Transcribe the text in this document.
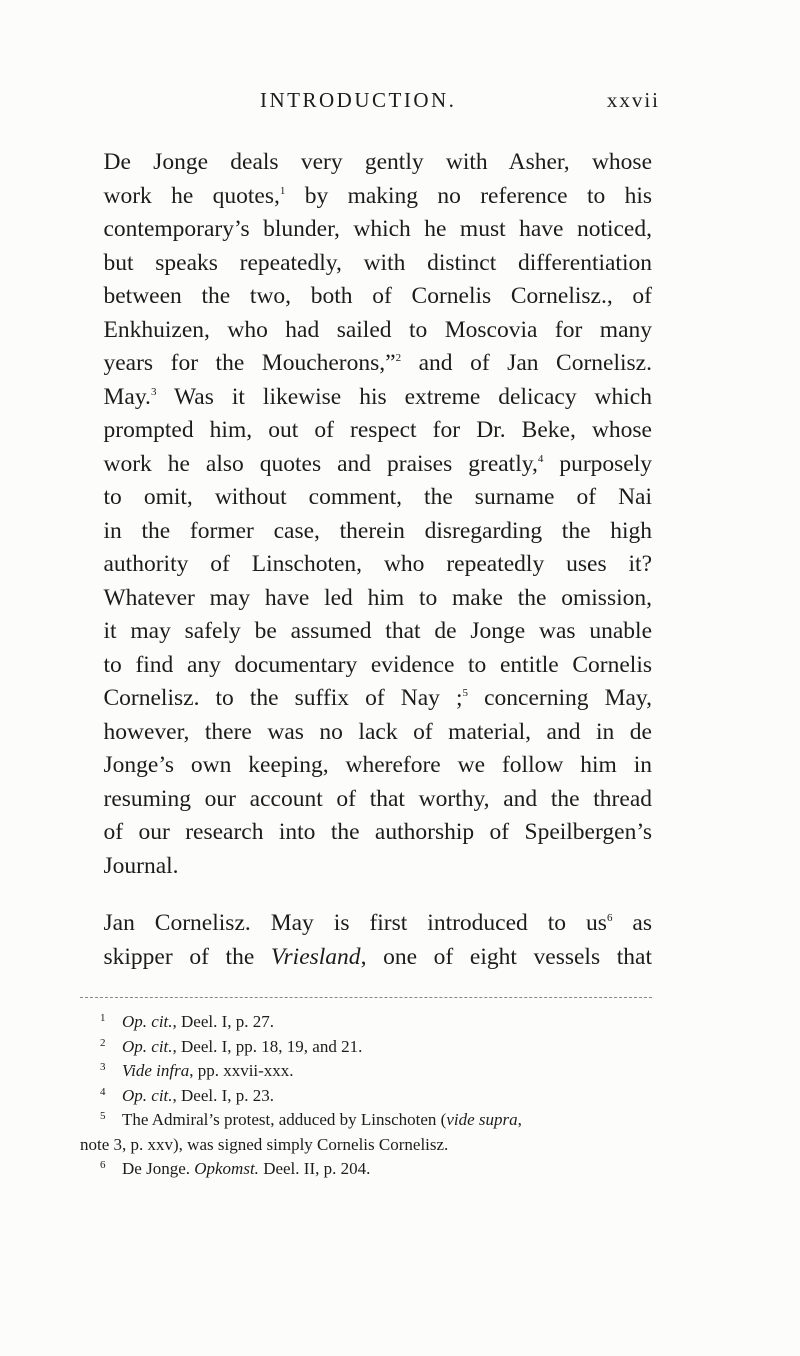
INTRODUCTION.	xxvii

De Jonge deals very gently with Asher, whose
work he quotes,$^1$ by making no reference to his
contemporary’s blunder, which he must have noticed,
but speaks repeatedly, with distinct differentiation
between the two, both of Cornelis Cornelisz., of
Enkhuizen, who had sailed to Moscovia for many
years for the Moucherons,”$^2$ and of Jan Cornelisz.
May.$^3$ Was it likewise his extreme delicacy which
prompted him, out of respect for Dr. Beke, whose
work he also quotes and praises greatly,$^4$ purposely
to omit, without comment, the surname of Nai
in the former case, therein disregarding the high
authority of Linschoten, who repeatedly uses it?
Whatever may have led him to make the omission,
it may safely be assumed that de Jonge was unable
to find any documentary evidence to entitle Cornelis
Cornelisz. to the suffix of Nay ;$^5$ concerning May,
however, there was no lack of material, and in de
Jonge’s own keeping, wherefore we follow him in
resuming our account of that worthy, and the thread
of our research into the authorship of Speilbergen’s
Journal.

Jan Cornelisz. May is first introduced to $us^6$ as
skipper of the Vriesland, one of eight vessels that

$^1$ Op. cit., Deel. I, p. 27.
$^2$ Op. cit., Deel. I, pp. 18, 19, and 21.
$^3$ Vide infra, pp. xxvii-xxx.
$^4$ Op. cit., Deel. I, p. 23.
$^5$ The Admiral’s protest, adduced by Linschoten (vide supra,
note 3, p. xxv), was signed simply Cornelis Cornelisz.
$^6$ De Jonge. Opkomst. Deel. II, p. 204.
